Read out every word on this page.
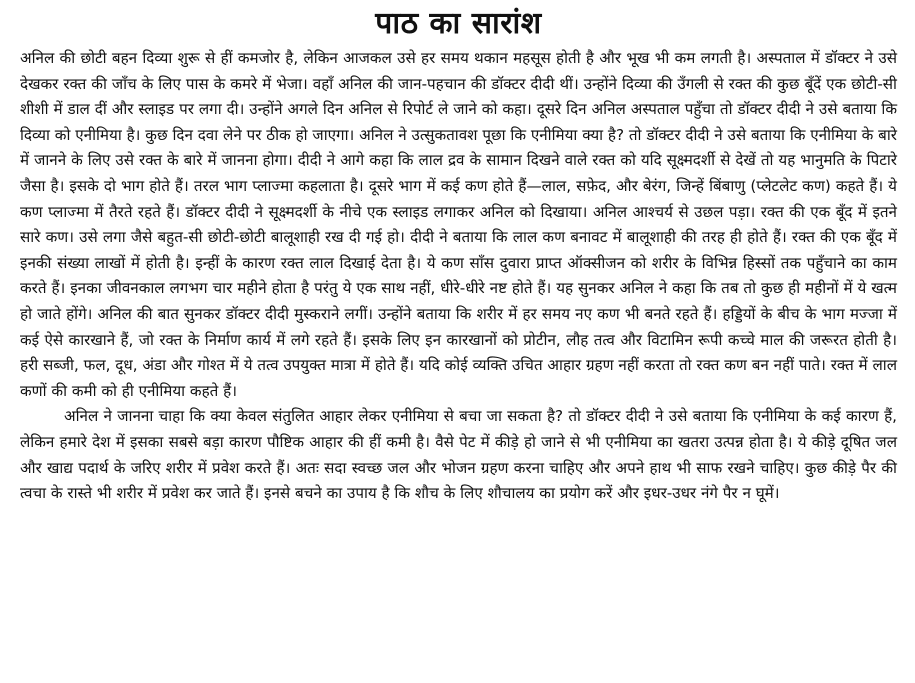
पाठ का सारांश

अनिल की छोटी बहन दिव्या शुरू से हीं कमजोर है, लेकिन आजकल उसे हर समय थकान महसूस होती है और भूख भी कम लगती है। अस्पताल में डॉक्टर ने उसे देखकर रक्त की जाँच के लिए पास के कमरे में भेजा। वहाँ अनिल की जान-पहचान की डॉक्टर दीदी थीं। उन्होंने दिव्या की उँगली से रक्त की कुछ बूँदें एक छोटी-सी शीशी में डाल दीं और स्लाइड पर लगा दी। उन्होंने अगले दिन अनिल से रिपोर्ट ले जाने को कहा। दूसरे दिन अनिल अस्पताल पहुँचा तो डॉक्टर दीदी ने उसे बताया कि दिव्या को एनीमिया है। कुछ दिन दवा लेने पर ठीक हो जाएगा। अनिल ने उत्सुकतावश पूछा कि एनीमिया क्या है? तो डॉक्टर दीदी ने उसे बताया कि एनीमिया के बारे में जानने के लिए उसे रक्त के बारे में जानना होगा। दीदी ने आगे कहा कि लाल द्रव के सामान दिखने वाले रक्त को यदि सूक्ष्मदर्शी से देखें तो यह भानुमति के पिटारे जैसा है। इसके दो भाग होते हैं। तरल भाग प्लाज्मा कहलाता है। दूसरे भाग में कई कण होते हैं—लाल, सफ़ेद, और बेरंग, जिन्हें बिंबाणु (प्लेटलेट कण) कहते हैं। ये कण प्लाज्मा में तैरते रहते हैं। डॉक्टर दीदी ने सूक्ष्मदर्शी के नीचे एक स्लाइड लगाकर अनिल को दिखाया। अनिल आश्चर्य से उछल पड़ा। रक्त की एक बूँद में इतने सारे कण। उसे लगा जैसे बहुत-सी छोटी-छोटी बालूशाही रख दी गई हो। दीदी ने बताया कि लाल कण बनावट में बालूशाही की तरह ही होते हैं। रक्त की एक बूँद में इनकी संख्या लाखों में होती है। इन्हीं के कारण रक्त लाल दिखाई देता है। ये कण साँस दुवारा प्राप्त ऑक्सीजन को शरीर के विभिन्न हिस्सों तक पहुँचाने का काम करते हैं। इनका जीवनकाल लगभग चार महीने होता है परंतु ये एक साथ नहीं, धीरे-धीरे नष्ट होते हैं। यह सुनकर अनिल ने कहा कि तब तो कुछ ही महीनों में ये खत्म हो जाते होंगे। अनिल की बात सुनकर डॉक्टर दीदी मुस्कराने लगीं। उन्होंने बताया कि शरीर में हर समय नए कण भी बनते रहते हैं। हड्डियों के बीच के भाग मज्जा में कई ऐसे कारखाने हैं, जो रक्त के निर्माण कार्य में लगे रहते हैं। इसके लिए इन कारखानों को प्रोटीन, लौह तत्व और विटामिन रूपी कच्चे माल की जरूरत होती है। हरी सब्जी, फल, दूध, अंडा और गोश्त में ये तत्व उपयुक्त मात्रा में होते हैं। यदि कोई व्यक्ति उचित आहार ग्रहण नहीं करता तो रक्त कण बन नहीं पाते। रक्त में लाल कणों की कमी को ही एनीमिया कहते हैं।

अनिल ने जानना चाहा कि क्या केवल संतुलित आहार लेकर एनीमिया से बचा जा सकता है? तो डॉक्टर दीदी ने उसे बताया कि एनीमिया के कई कारण हैं, लेकिन हमारे देश में इसका सबसे बड़ा कारण पौष्टिक आहार की हीं कमी है। वैसे पेट में कीड़े हो जाने से भी एनीमिया का खतरा उत्पन्न होता है। ये कीड़े दूषित जल और खाद्य पदार्थ के जरिए शरीर में प्रवेश करते हैं। अतः सदा स्वच्छ जल और भोजन ग्रहण करना चाहिए और अपने हाथ भी साफ रखने चाहिए। कुछ कीड़े पैर की त्वचा के रास्ते भी शरीर में प्रवेश कर जाते हैं। इनसे बचने का उपाय है कि शौच के लिए शौचालय का प्रयोग करें और इधर-उधर नंगे पैर न घूमें।
